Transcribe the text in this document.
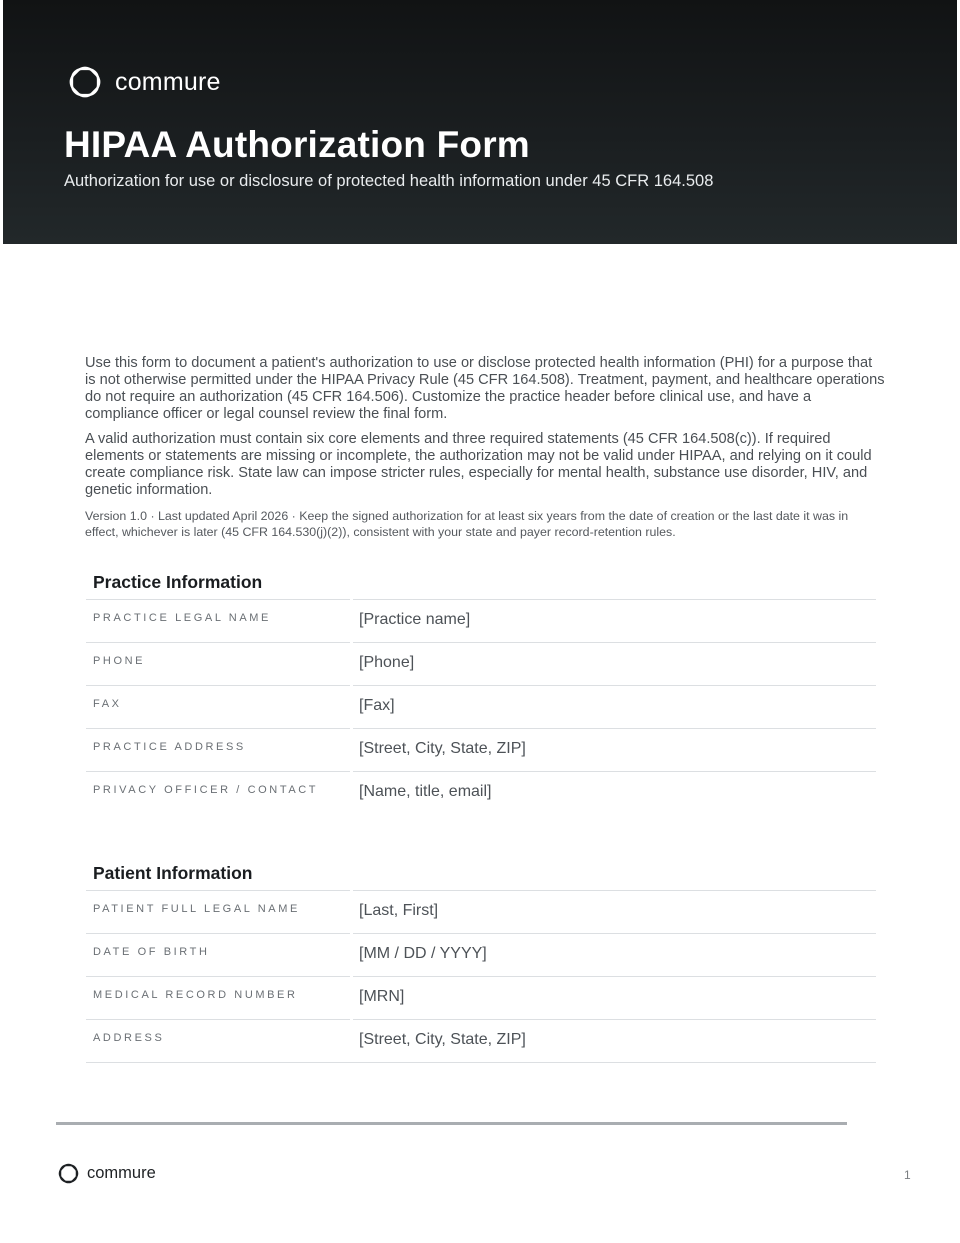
commure
HIPAA Authorization Form
Authorization for use or disclosure of protected health information under 45 CFR 164.508

Use this form to document a patient's authorization to use or disclose protected health information (PHI) for a purpose that is not otherwise permitted under the HIPAA Privacy Rule (45 CFR 164.508). Treatment, payment, and healthcare operations do not require an authorization (45 CFR 164.506). Customize the practice header before clinical use, and have a compliance officer or legal counsel review the final form.

A valid authorization must contain six core elements and three required statements (45 CFR 164.508(c)). If required elements or statements are missing or incomplete, the authorization may not be valid under HIPAA, and relying on it could create compliance risk. State law can impose stricter rules, especially for mental health, substance use disorder, HIV, and genetic information.

Version 1.0 · Last updated April 2026 · Keep the signed authorization for at least six years from the date of creation or the last date it was in effect, whichever is later (45 CFR 164.530(j)(2)), consistent with your state and payer record-retention rules.

Practice Information
PRACTICE LEGAL NAME	[Practice name]
PHONE	[Phone]
FAX	[Fax]
PRACTICE ADDRESS	[Street, City, State, ZIP]
PRIVACY OFFICER / CONTACT	[Name, title, email]
Patient Information
PATIENT FULL LEGAL NAME	[Last, First]
DATE OF BIRTH	[MM / DD / YYYY]
MEDICAL RECORD NUMBER	[MRN]
ADDRESS	[Street, City, State, ZIP]
commure	1
